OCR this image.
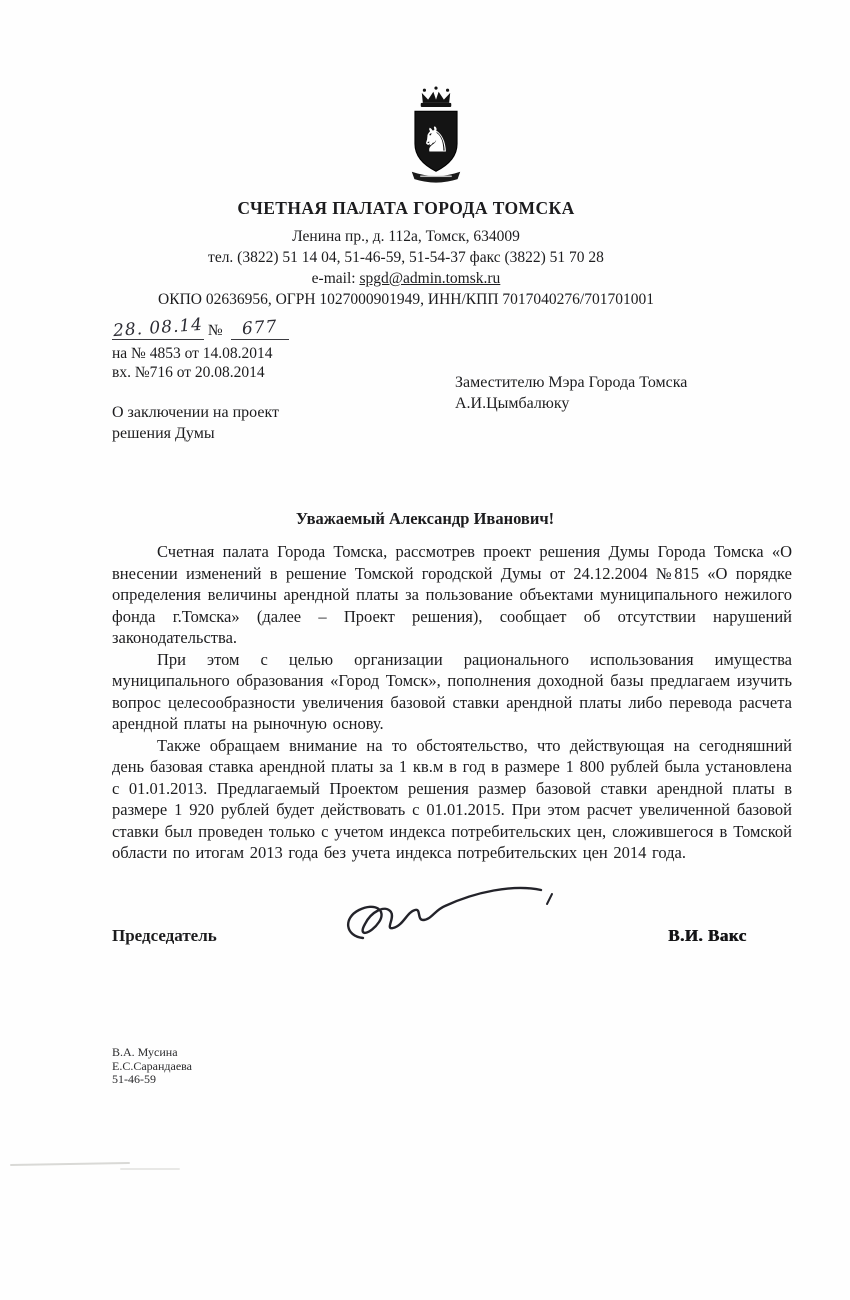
♞
СЧЕТНАЯ ПАЛАТА ГОРОДА ТОМСКА
Ленина пр., д. 112а, Томск, 634009
тел. (3822) 51 14 04, 51-46-59, 51-54-37 факс (3822) 51 70 28
e-mail: spgd@admin.tomsk.ru
ОКПО 02636956, ОГРН 1027000901949, ИНН/КПП 7017040276/701701001
28. 08.14 № 677
на № 4853 от 14.08.2014
вх. №716 от 20.08.2014
Заместителю Мэра Города Томска
А.И.Цымбалюку
О заключении на проект
решения Думы
Уважаемый Александр Иванович!

Счетная палата Города Томска, рассмотрев проект решения Думы Города Томска «О внесении изменений в решение Томской городской Думы от 24.12.2004 №815 «О порядке определения величины арендной платы за пользование объектами муниципального нежилого фонда г.Томска» (далее – Проект решения), сообщает об отсутствии нарушений законодательства.

При этом с целью организации рационального использования имущества муниципального образования «Город Томск», пополнения доходной базы предлагаем изучить вопрос целесообразности увеличения базовой ставки арендной платы либо перевода расчета арендной платы на рыночную основу.

Также обращаем внимание на то обстоятельство, что действующая на сегодняшний день базовая ставка арендной платы за 1 кв.м в год в размере 1 800 рублей была установлена с 01.01.2013. Предлагаемый Проектом решения размер базовой ставки арендной платы в размере 1 920 рублей будет действовать с 01.01.2015. При этом расчет увеличенной базовой ставки был проведен только с учетом индекса потребительских цен, сложившегося в Томской области по итогам 2013 года без учета индекса потребительских цен 2014 года.

Председатель	В.И. Вакс
В.А. Мусина
Е.С.Сарандаева
51-46-59
